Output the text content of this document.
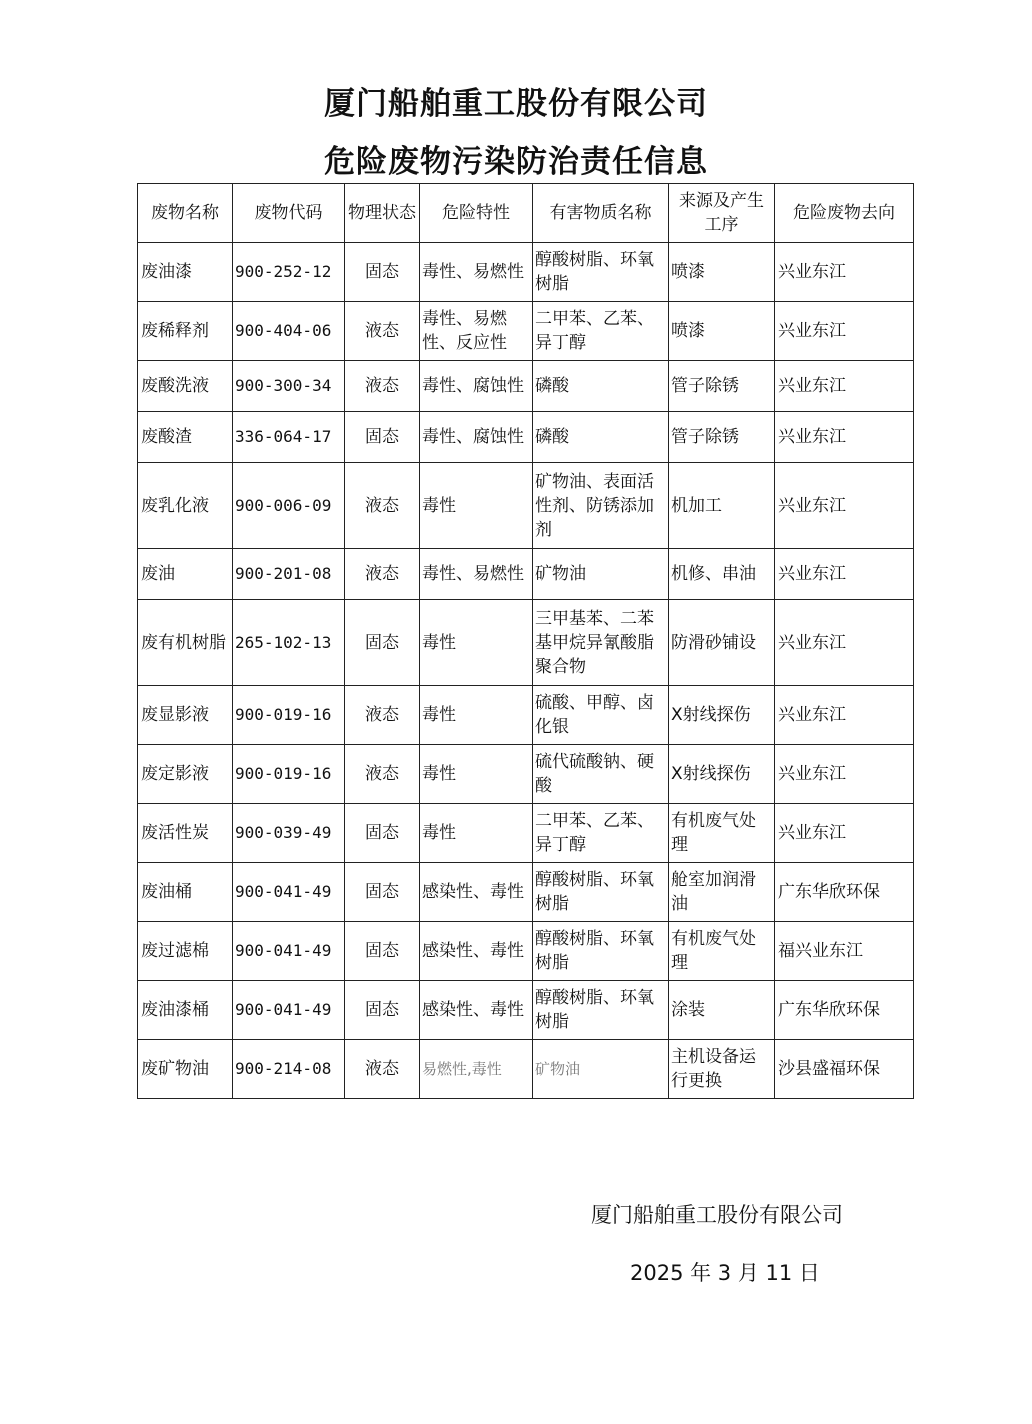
厦门船舶重工股份有限公司
危险废物污染防治责任信息
废物名称	废物代码	物理状态	危险特性	有害物质名称	来源及产生工序	危险废物去向
废油漆	900-252-12	固态	毒性、易燃性	醇酸树脂、环氧树脂	喷漆	兴业东江
废稀释剂	900-404-06	液态	毒性、易燃性、反应性	二甲苯、乙苯、异丁醇	喷漆	兴业东江
废酸洗液	900-300-34	液态	毒性、腐蚀性	磷酸	管子除锈	兴业东江
废酸渣	336-064-17	固态	毒性、腐蚀性	磷酸	管子除锈	兴业东江
废乳化液	900-006-09	液态	毒性	矿物油、表面活性剂、防锈添加剂	机加工	兴业东江
废油	900-201-08	液态	毒性、易燃性	矿物油	机修、串油	兴业东江
废有机树脂	265-102-13	固态	毒性	三甲基苯、二苯基甲烷异氰酸脂聚合物	防滑砂铺设	兴业东江
废显影液	900-019-16	液态	毒性	硫酸、甲醇、卤化银	X射线探伤	兴业东江
废定影液	900-019-16	液态	毒性	硫代硫酸钠、硬酸	X射线探伤	兴业东江
废活性炭	900-039-49	固态	毒性	二甲苯、乙苯、异丁醇	有机废气处理	兴业东江
废油桶	900-041-49	固态	感染性、毒性	醇酸树脂、环氧树脂	舱室加润滑油	广东华欣环保
废过滤棉	900-041-49	固态	感染性、毒性	醇酸树脂、环氧树脂	有机废气处理	福兴业东江
废油漆桶	900-041-49	固态	感染性、毒性	醇酸树脂、环氧树脂	涂装	广东华欣环保
废矿物油	900-214-08	液态	易燃性,毒性	矿物油	主机设备运行更换	沙县盛福环保
厦门船舶重工股份有限公司
2025 年 3 月 11 日
